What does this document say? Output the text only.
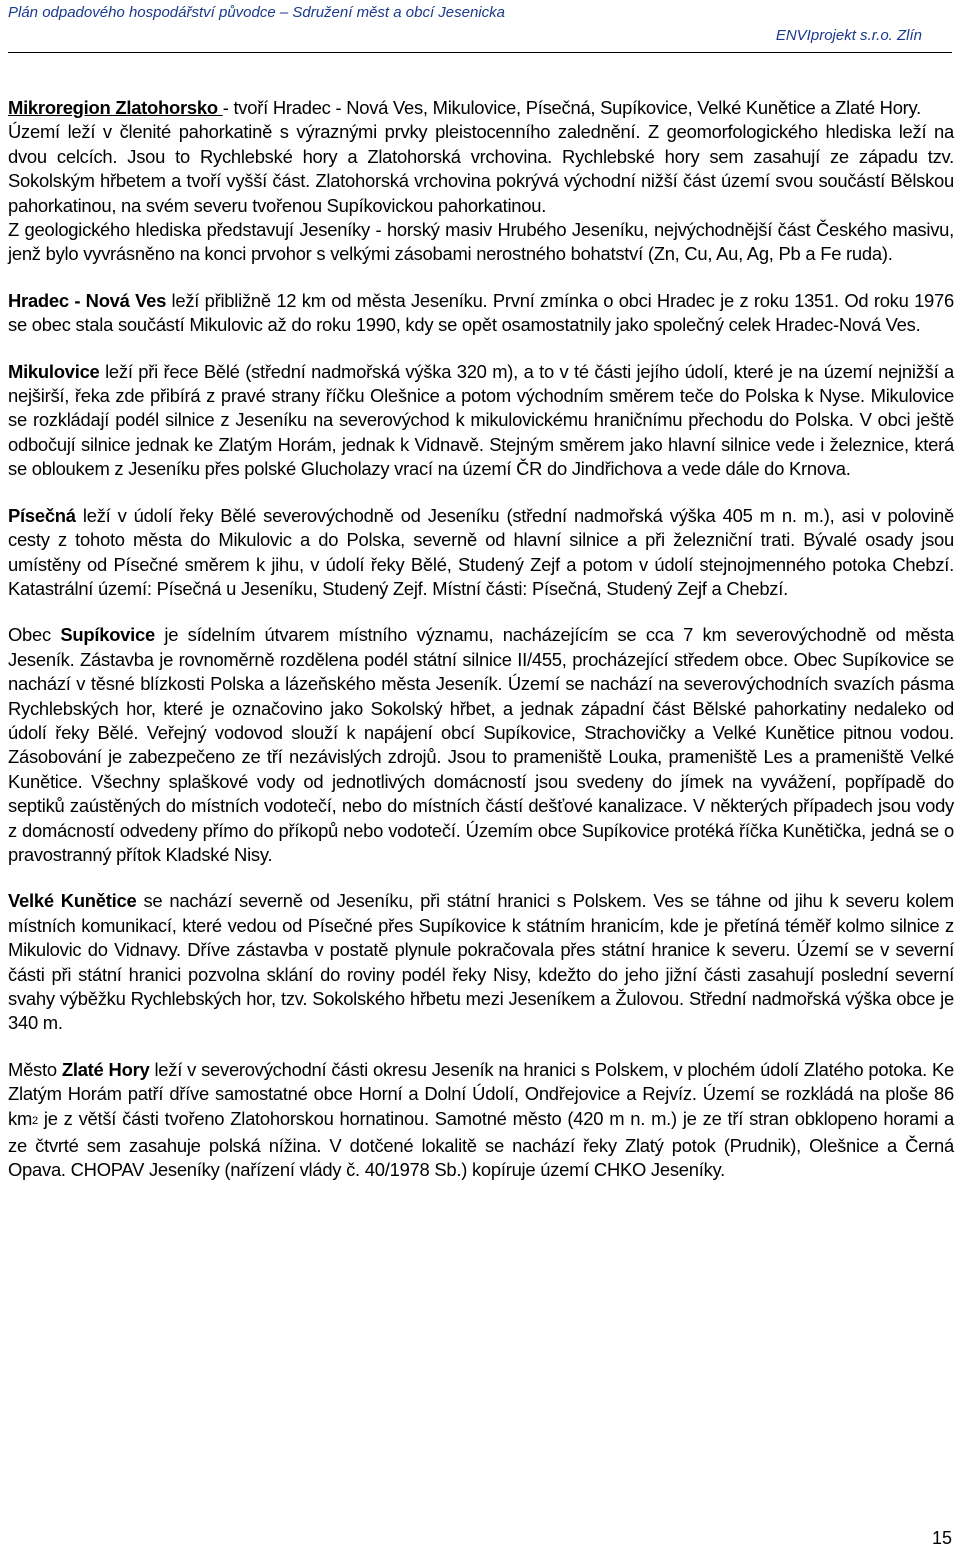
Plán odpadového hospodářství původce – Sdružení měst a obcí Jesenicka
ENVIprojekt s.r.o. Zlín

Mikroregion Zlatohorsko - tvoří Hradec - Nová Ves, Mikulovice, Písečná, Supíkovice, Velké Kunětice a Zlaté Hory.

Území leží v členité pahorkatině s výraznými prvky pleistocenního zalednění. Z geomorfologického hlediska leží na dvou celcích. Jsou to Rychlebské hory a Zlatohorská vrchovina. Rychlebské hory sem zasahují ze západu tzv. Sokolským hřbetem a tvoří vyšší část. Zlatohorská vrchovina pokrývá východní nižší část území svou součástí Bělskou pahorkatinou, na svém severu tvořenou Supíkovickou pahorkatinou.

Z geologického hlediska představují Jeseníky - horský masiv Hrubého Jeseníku, nejvýchodnější část Českého masivu, jenž bylo vyvrásněno na konci prvohor s velkými zásobami nerostného bohatství (Zn, Cu, Au, Ag, Pb a Fe ruda).

Hradec - Nová Ves leží přibližně 12 km od města Jeseníku. První zmínka o obci Hradec je z roku 1351. Od roku 1976 se obec stala součástí Mikulovic až do roku 1990, kdy se opět osamostatnily jako společný celek Hradec-Nová Ves.

Mikulovice leží při řece Bělé (střední nadmořská výška 320 m), a to v té části jejího údolí, které je na území nejnižší a nejširší, řeka zde přibírá z pravé strany říčku Olešnice a potom východním směrem teče do Polska k Nyse. Mikulovice se rozkládají podél silnice z Jeseníku na severovýchod k mikulovickému hraničnímu přechodu do Polska. V obci ještě odbočují silnice jednak ke Zlatým Horám, jednak k Vidnavě. Stejným směrem jako hlavní silnice vede i železnice, která se obloukem z Jeseníku přes polské Glucholazy vrací na území ČR do Jindřichova a vede dále do Krnova.

Písečná leží v údolí řeky Bělé severovýchodně od Jeseníku (střední nadmořská výška 405 m n. m.), asi v polovině cesty z tohoto města do Mikulovic a do Polska, severně od hlavní silnice a při železniční trati. Bývalé osady jsou umístěny od Písečné směrem k jihu, v údolí řeky Bělé, Studený Zejf a potom v údolí stejnojmenného potoka Chebzí. Katastrální území: Písečná u Jeseníku, Studený Zejf. Místní části: Písečná, Studený Zejf a Chebzí.

Obec Supíkovice je sídelním útvarem místního významu, nacházejícím se cca 7 km severovýchodně od města Jeseník. Zástavba je rovnoměrně rozdělena podél státní silnice II/455, procházející středem obce. Obec Supíkovice se nachází v těsné blízkosti Polska a lázeňského města Jeseník. Území se nachází na severovýchodních svazích pásma Rychlebských hor, které je označovino jako Sokolský hřbet, a jednak západní část Bělské pahorkatiny nedaleko od údolí řeky Bělé. Veřejný vodovod slouží k napájení obcí Supíkovice, Strachovičky a Velké Kunětice pitnou vodou. Zásobování je zabezpečeno ze tří nezávislých zdrojů. Jsou to prameniště Louka, prameniště Les a prameniště Velké Kunětice. Všechny splaškové vody od jednotlivých domácností jsou svedeny do jímek na vyvážení, popřípadě do septiků zaústěných do místních vodotečí, nebo do místních částí dešťové kanalizace. V některých případech jsou vody z domácností odvedeny přímo do příkopů nebo vodotečí. Územím obce Supíkovice protéká říčka Kunětička, jedná se o pravostranný přítok Kladské Nisy.

Velké Kunětice se nachází severně od Jeseníku, při státní hranici s Polskem. Ves se táhne od jihu k severu kolem místních komunikací, které vedou od Písečné přes Supíkovice k státním hranicím, kde je přetíná téměř kolmo silnice z Mikulovic do Vidnavy. Dříve zástavba v postatě plynule pokračovala přes státní hranice k severu. Území se v severní části při státní hranici pozvolna sklání do roviny podél řeky Nisy, kdežto do jeho jižní části zasahují poslední severní svahy výběžku Rychlebských hor, tzv. Sokolského hřbetu mezi Jeseníkem a Žulovou. Střední nadmořská výška obce je 340 m.

Město Zlaté Hory leží v severovýchodní části okresu Jeseník na hranici s Polskem, v plochém údolí Zlatého potoka. Ke Zlatým Horám patří dříve samostatné obce Horní a Dolní Údolí, Ondřejovice a Rejvíz. Území se rozkládá na ploše 86 $km^2$ je z větší části tvořeno Zlatohorskou hornatinou. Samotné město (420 m n. m.) je ze tří stran obklopeno horami a ze čtvrté sem zasahuje polská nížina. V dotčené lokalitě se nachází řeky Zlatý potok (Prudnik), Olešnice a Černá Opava. CHOPAV Jeseníky (nařízení vlády č. 40/1978 Sb.) kopíruje území CHKO Jeseníky.

15
